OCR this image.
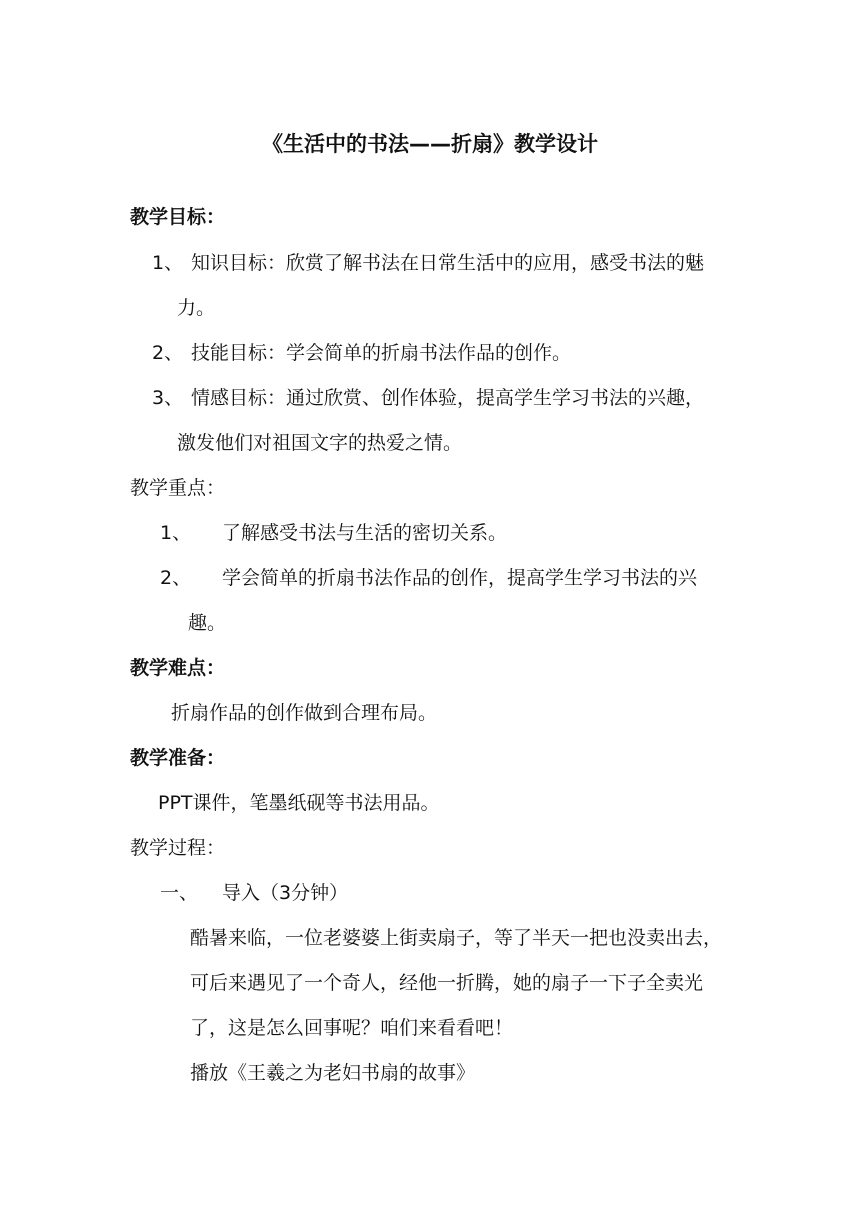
《生活中的书法——折扇》教学设计
教学目标：
1、 知识目标：欣赏了解书法在日常生活中的应用，感受书法的魅
力。
2、 技能目标：学会简单的折扇书法作品的创作。
3、 情感目标：通过欣赏、创作体验，提高学生学习书法的兴趣，
激发他们对祖国文字的热爱之情。
教学重点：
1、 了解感受书法与生活的密切关系。
2、 学会简单的折扇书法作品的创作，提高学生学习书法的兴
趣。
教学难点：
折扇作品的创作做到合理布局。
教学准备：
PPT课件，笔墨纸砚等书法用品。
教学过程：
一、 导入（3分钟）
酷暑来临，一位老婆婆上街卖扇子，等了半天一把也没卖出去，
可后来遇见了一个奇人，经他一折腾，她的扇子一下子全卖光
了，这是怎么回事呢？咱们来看看吧！
播放《王羲之为老妇书扇的故事》
